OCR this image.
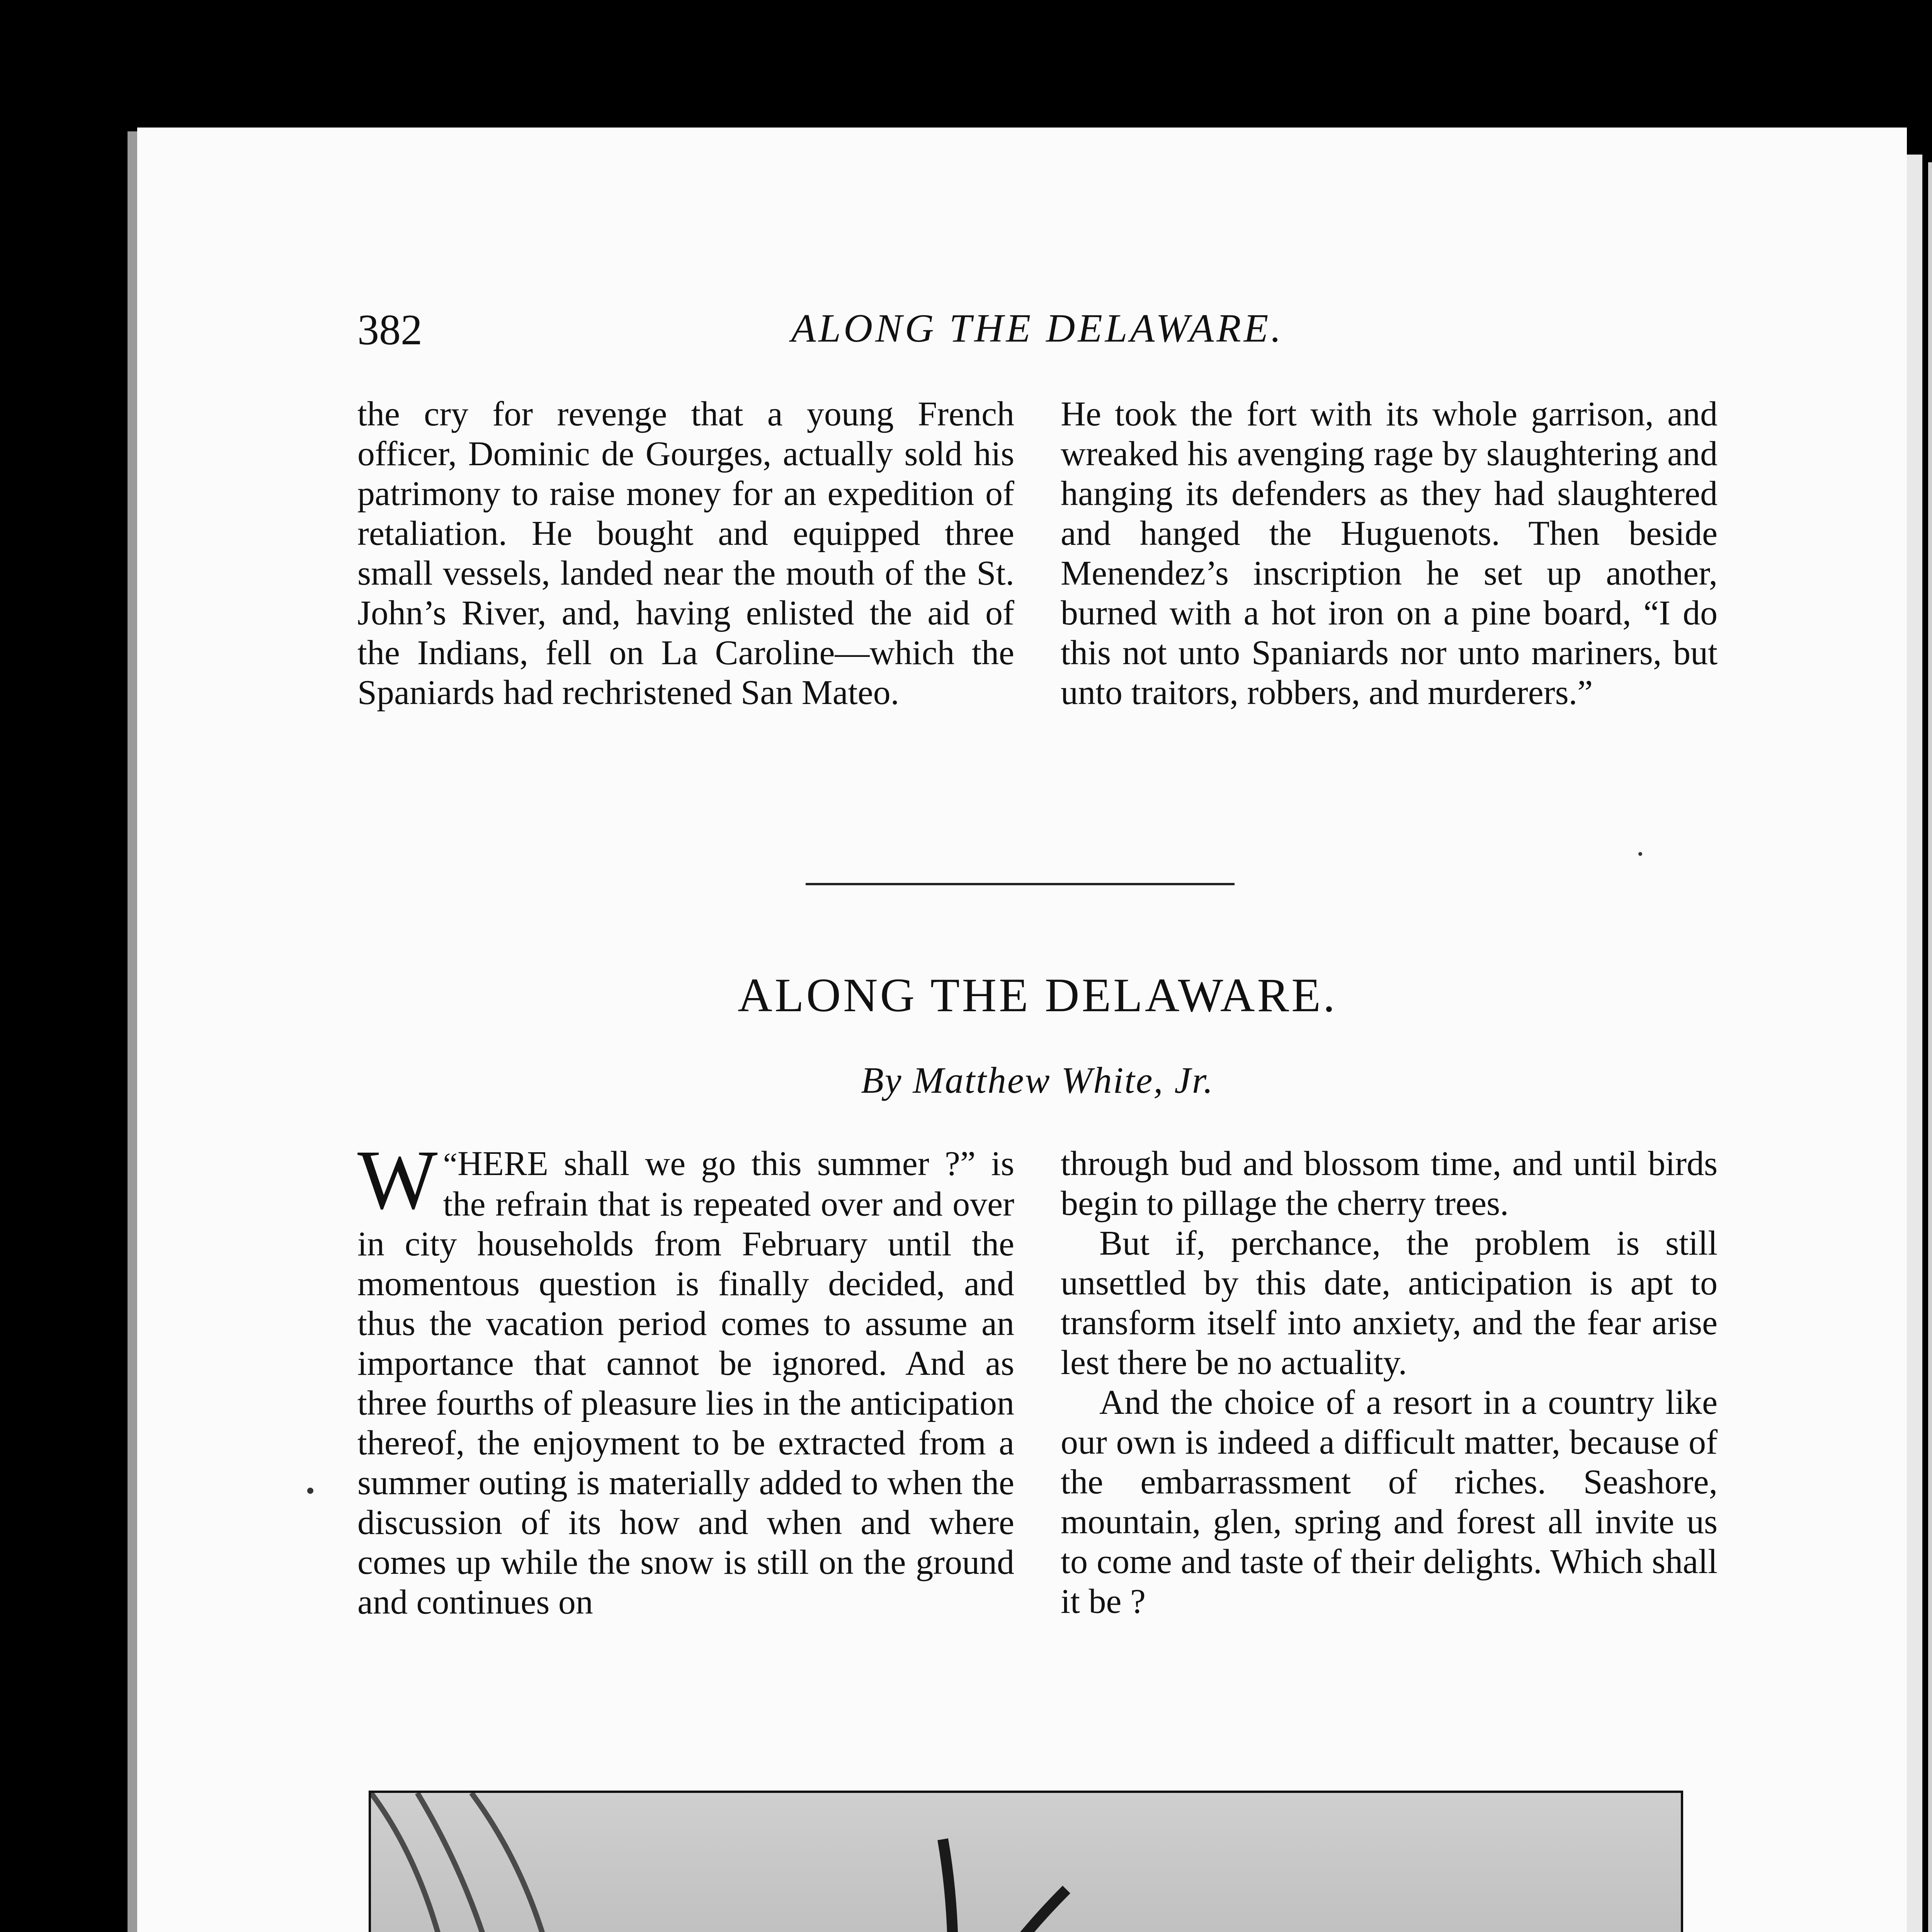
382	ALONG THE DELAWARE.

the cry for revenge that a young French officer, Dominic de Gourges, actually sold his patrimony to raise money for an expedition of retaliation. He bought and equipped three small vessels, landed near the mouth of the St. John’s River, and, having enlisted the aid of the Indians, fell on La Caroline—which the Spaniards had rechristened San Mateo.

He took the fort with its whole garrison, and wreaked his avenging rage by slaughtering and hanging its defenders as they had slaughtered and hanged the Huguenots. Then beside Menendez’s inscription he set up another, burned with a hot iron on a pine board, “I do this not unto Spaniards nor unto mariners, but unto traitors, robbers, and murderers.”

ALONG THE DELAWARE.
By Matthew White, Jr.

“
W HERE shall we go this summer ?” is the refrain that is repeated over and over in city households from February until the momentous question is finally decided, and thus the vacation period comes to assume an importance that cannot be ignored. And as three fourths of pleasure lies in the anticipation thereof, the enjoyment to be extracted from a summer outing is materially added to when the discussion of its how and when and where comes up while the snow is still on the ground and continues on

through bud and blossom time, and until birds begin to pillage the cherry trees.

But if, perchance, the problem is still unsettled by this date, anticipation is apt to transform itself into anxiety, and the fear arise lest there be no actuality.

And the choice of a resort in a country like our own is indeed a difficult matter, because of the embarrassment of riches. Seashore, mountain, glen, spring and forest all invite us to come and taste of their delights. Which shall it be ?
